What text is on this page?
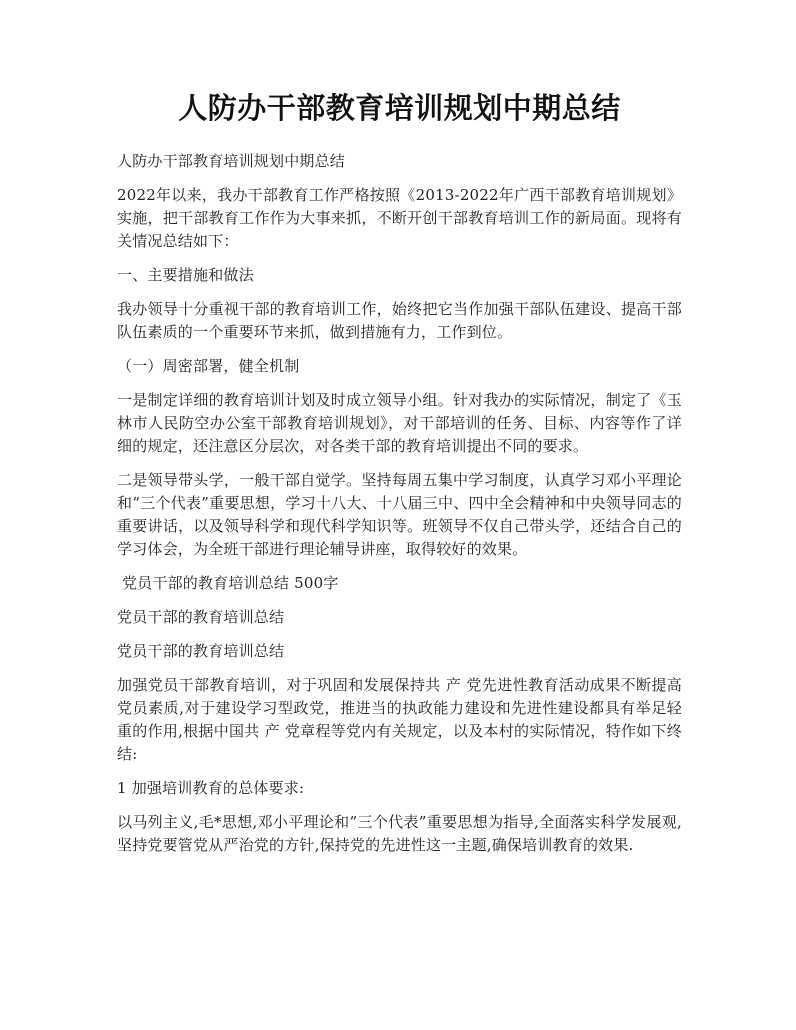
人防办干部教育培训规划中期总结

人防办干部教育培训规划中期总结

2022年以来，我办干部教育工作严格按照《2013-2022年广西干部教育培训规划》实施，把干部教育工作作为大事来抓，不断开创干部教育培训工作的新局面。现将有关情况总结如下：

一、主要措施和做法

我办领导十分重视干部的教育培训工作，始终把它当作加强干部队伍建设、提高干部队伍素质的一个重要环节来抓，做到措施有力，工作到位。

（一）周密部署，健全机制

一是制定详细的教育培训计划及时成立领导小组。针对我办的实际情况，制定了《玉林市人民防空办公室干部教育培训规划》，对干部培训的任务、目标、内容等作了详细的规定，还注意区分层次，对各类干部的教育培训提出不同的要求。

二是领导带头学，一般干部自觉学。坚持每周五集中学习制度，认真学习邓小平理论和“三个代表”重要思想，学习十八大、十八届三中、四中全会精神和中央领导同志的重要讲话，以及领导科学和现代科学知识等。班领导不仅自己带头学，还结合自己的学习体会，为全班干部进行理论辅导讲座，取得较好的效果。

党员干部的教育培训总结 500字

党员干部的教育培训总结

党员干部的教育培训总结

加强党员干部教育培训，对于巩固和发展保持共 产 党先进性教育活动成果不断提高党员素质,对于建设学习型政党，推进当的执政能力建设和先进性建设都具有举足轻重的作用,根据中国共 产 党章程等党内有关规定，以及本村的实际情况，特作如下终结:

1 加强培训教育的总体要求:

以马列主义,毛*思想,邓小平理论和”三个代表”重要思想为指导,全面落实科学发展观,坚持党要管党从严治党的方针,保持党的先进性这一主题,确保培训教育的效果.
